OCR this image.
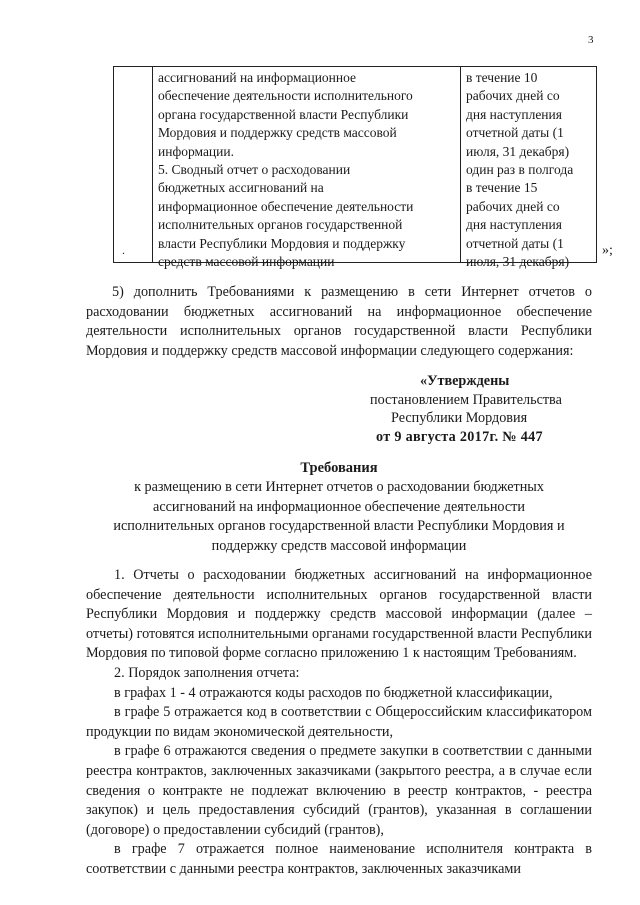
3
.

ассигнований на информационное

обеспечение деятельности исполнительного

органа государственной власти Республики

Мордовия и поддержку средств массовой

информации.

5. Сводный отчет о расходовании

бюджетных ассигнований на

информационное обеспечение деятельности

исполнительных органов государственной

власти Республики Мордовия и поддержку

средств массовой информации

в течение 10

рабочих дней со

дня наступления

отчетной даты (1

июля, 31 декабря)

один раз в полгода

в течение 15

рабочих дней со

дня наступления

отчетной даты (1

июля, 31 декабря)

»;
5) дополнить Требованиями к размещению в сети Интернет отчетов о расходовании бюджетных ассигнований на информационное обеспечение деятельности исполнительных органов государственной власти Республики Мордовия и поддержку средств массовой информации следующего содержания:
«Утверждены
постановлением Правительства
Республики Мордовия
от 9 августа 2017г. № 447
Требования
к размещению в сети Интернет отчетов о расходовании бюджетных
ассигнований на информационное обеспечение деятельности
исполнительных органов государственной власти Республики Мордовия и
поддержку средств массовой информации

1. Отчеты о расходовании бюджетных ассигнований на информационное обеспечение деятельности исполнительных органов государственной власти Республики Мордовия и поддержку средств массовой информации (далее – отчеты) готовятся исполнительными органами государственной власти Республики Мордовия по типовой форме согласно приложению 1 к настоящим Требованиям.

2. Порядок заполнения отчета:

в графах 1 - 4 отражаются коды расходов по бюджетной классификации,

в графе 5 отражается код в соответствии с Общероссийским классификатором продукции по видам экономической деятельности,

в графе 6 отражаются сведения о предмете закупки в соответствии с данными реестра контрактов, заключенных заказчиками (закрытого реестра, а в случае если сведения о контракте не подлежат включению в реестр контрактов, - реестра закупок) и цель предоставления субсидий (грантов), указанная в соглашении (договоре) о предоставлении субсидий (грантов),

в графе 7 отражается полное наименование исполнителя контракта в соответствии с данными реестра контрактов, заключенных заказчиками
